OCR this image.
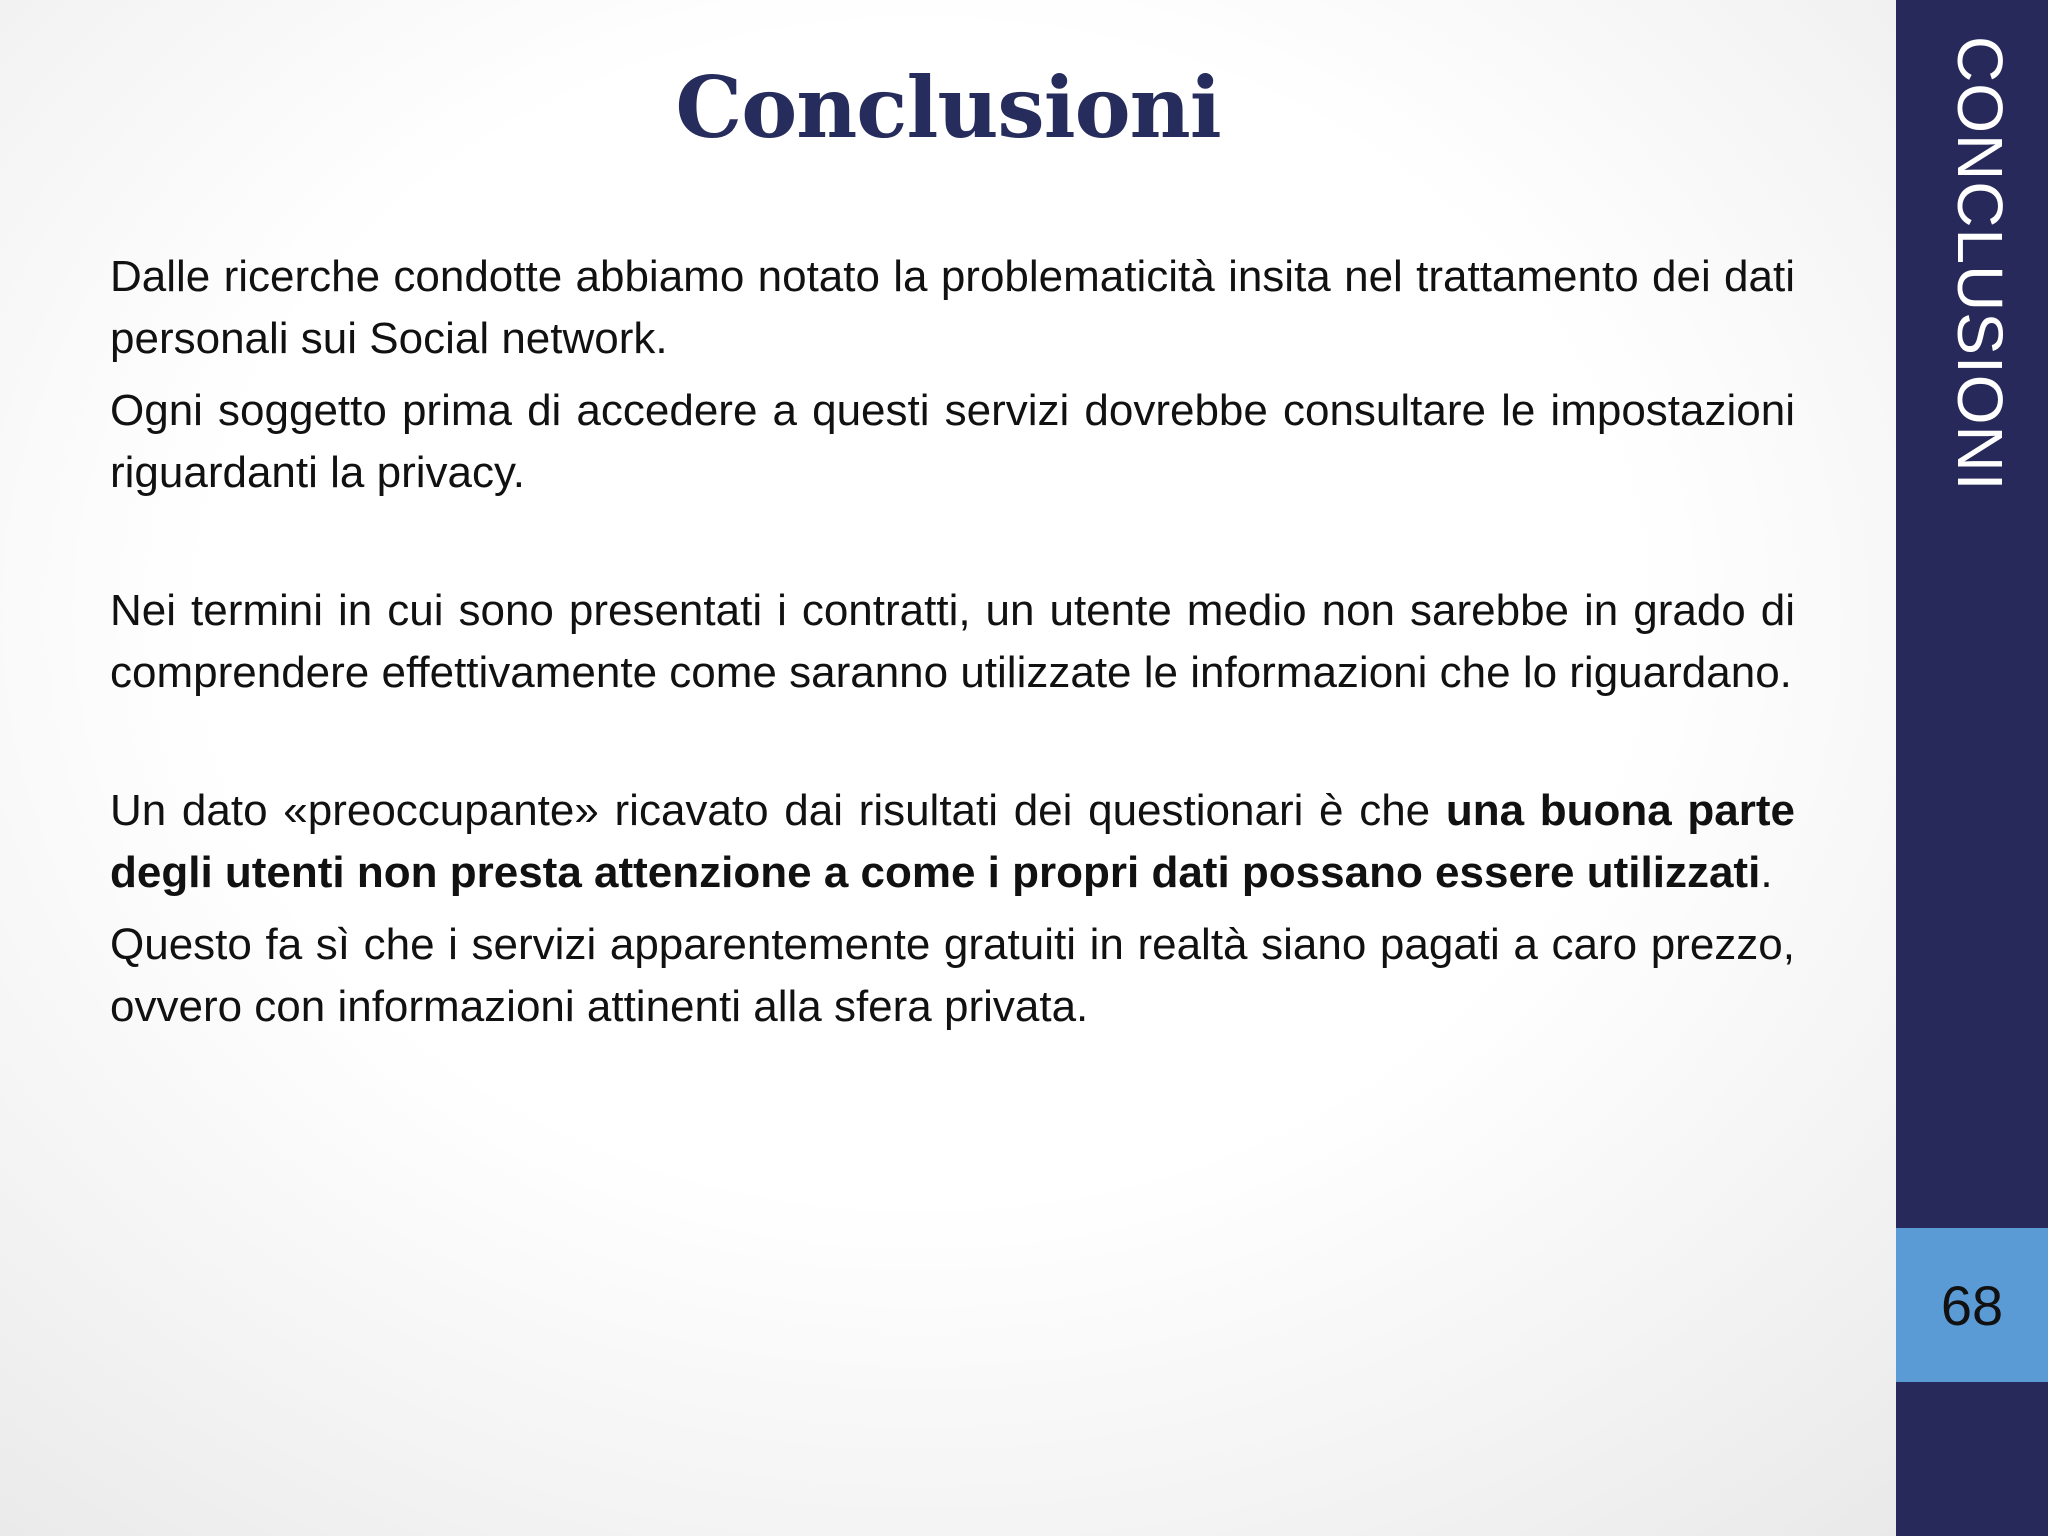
Conclusioni

Dalle ricerche condotte abbiamo notato la problematicità insita nel trattamento dei dati personali sui Social network.

Ogni soggetto prima di accedere a questi servizi dovrebbe consultare le impostazioni riguardanti la privacy.

Nei termini in cui sono presentati i contratti, un utente medio non sarebbe in grado di comprendere effettivamente come saranno utilizzate le informazioni che lo riguardano.

Un dato «preoccupante» ricavato dai risultati dei questionari è che una buona parte degli utenti non presta attenzione a come i propri dati possano essere utilizzati.

Questo fa sì che i servizi apparentemente gratuiti in realtà siano pagati a caro prezzo, ovvero con informazioni attinenti alla sfera privata.

CONCLUSIONI
68
